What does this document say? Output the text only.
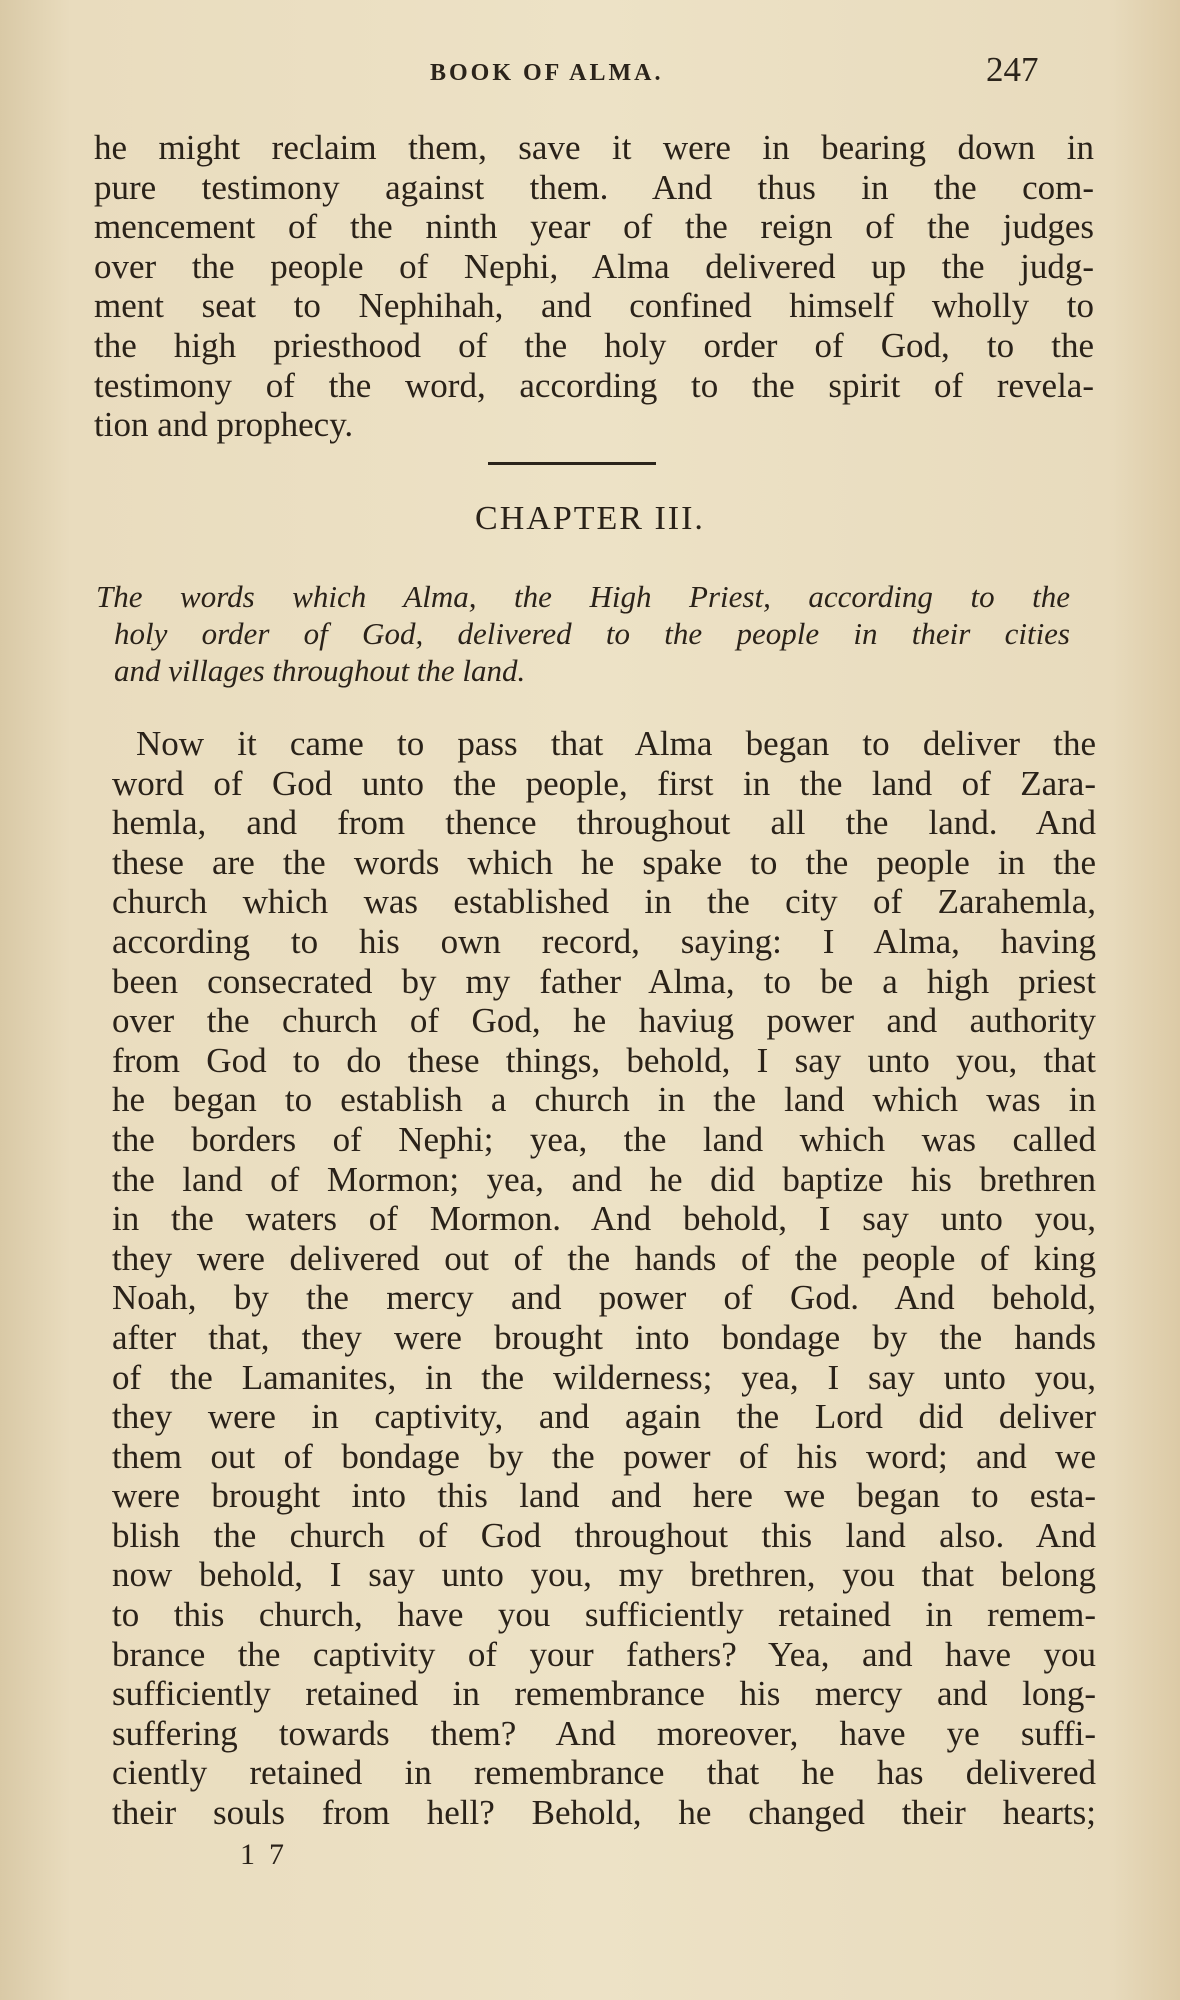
BOOK OF ALMA.	247
he might reclaim them, save it were in bearing down in
pure testimony against them. And thus in the com-
mencement of the ninth year of the reign of the judges
over the people of Nephi, Alma delivered up the judg-
ment seat to Nephihah, and confined himself wholly to
the high priesthood of the holy order of God, to the
testimony of the word, according to the spirit of revela-
tion and prophecy.
CHAPTER III.
The words which Alma, the High Priest, according to the
holy order of God, delivered to the people in their cities
and villages throughout the land.
Now it came to pass that Alma began to deliver the
word of God unto the people, first in the land of Zara-
hemla, and from thence throughout all the land. And
these are the words which he spake to the people in the
church which was established in the city of Zarahemla,
according to his own record, saying: I Alma, having
been consecrated by my father Alma, to be a high priest
over the church of God, he haviug power and authority
from God to do these things, behold, I say unto you, that
he began to establish a church in the land which was in
the borders of Nephi; yea, the land which was called
the land of Mormon; yea, and he did baptize his brethren
in the waters of Mormon. And behold, I say unto you,
they were delivered out of the hands of the people of king
Noah, by the mercy and power of God. And behold,
after that, they were brought into bondage by the hands
of the Lamanites, in the wilderness; yea, I say unto you,
they were in captivity, and again the Lord did deliver
them out of bondage by the power of his word; and we
were brought into this land and here we began to esta-
blish the church of God throughout this land also. And
now behold, I say unto you, my brethren, you that belong
to this church, have you sufficiently retained in remem-
brance the captivity of your fathers? Yea, and have you
sufficiently retained in remembrance his mercy and long-
suffering towards them? And moreover, have ye suffi-
ciently retained in remembrance that he has delivered
their souls from hell? Behold, he changed their hearts;
17
